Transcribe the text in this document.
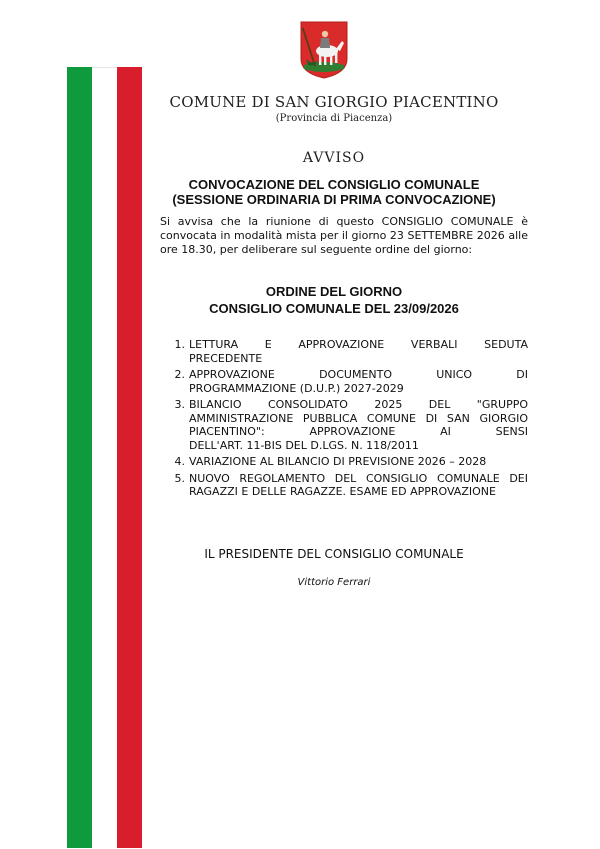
COMUNE DI SAN GIORGIO PIACENTINO
(Provincia di Piacenza)
AVVISO
CONVOCAZIONE DEL CONSIGLIO COMUNALE
(SESSIONE ORDINARIA DI PRIMA CONVOCAZIONE)
Si avvisa che la riunione di questo CONSIGLIO COMUNALE è convocata in modalità mista per il giorno 23 SETTEMBRE 2026 alle ore 18.30, per deliberare sul seguente ordine del giorno:
ORDINE DEL GIORNO
CONSIGLIO COMUNALE DEL 23/09/2026
1. LETTURA E APPROVAZIONE VERBALI SEDUTA
PRECEDENTE
2. APPROVAZIONE DOCUMENTO UNICO DI
PROGRAMMAZIONE (D.U.P.) 2027-2029
3. BILANCIO CONSOLIDATO 2025 DEL "GRUPPO AMMINISTRAZIONE PUBBLICA COMUNE DI SAN GIORGIO PIACENTINO": APPROVAZIONE AI SENSI
DELL'ART. 11-BIS DEL D.LGS. N. 118/2011
4. VARIAZIONE AL BILANCIO DI PREVISIONE 2026 – 2028
5. NUOVO REGOLAMENTO DEL CONSIGLIO COMUNALE DEI
RAGAZZI E DELLE RAGAZZE. ESAME ED APPROVAZIONE
IL PRESIDENTE DEL CONSIGLIO COMUNALE
Vittorio Ferrari
